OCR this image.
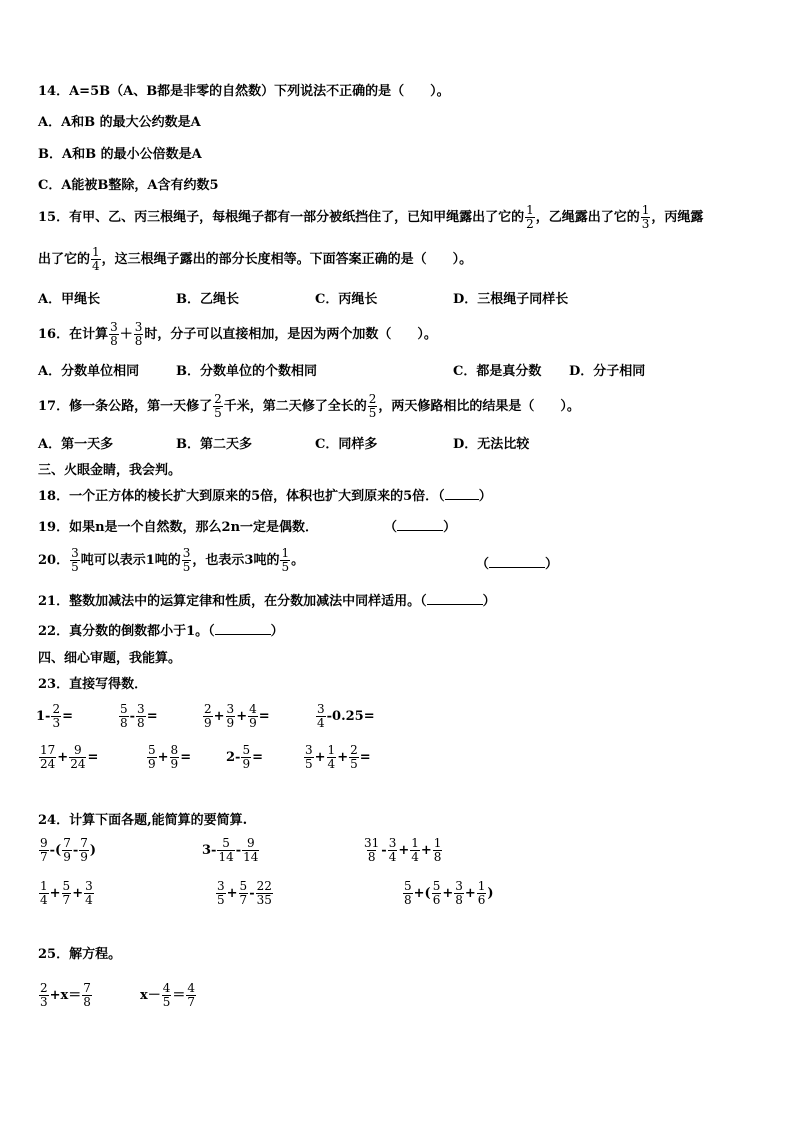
14．A=5B（A、B都是非零的自然数）下列说法不正确的是（　　）。
A．A和B 的最大公约数是A
B．A和B 的最小公倍数是A
C．A能被B整除，A含有约数5
15．有甲、乙、丙三根绳子，每根绳子都有一部分被纸挡住了，已知甲绳露出了它的 $\frac{1}{2}$ ，乙绳露出了它的 $\frac{1}{3}$ ，丙绳露
出了它的 $\frac{1}{4}$ ，这三根绳子露出的部分长度相等。下面答案正确的是（　　）。
A．甲绳长	B．乙绳长	C．丙绳长	D．三根绳子同样长
16．在计算 $\frac{3}{8} + \frac{3}{8}$ 时，分子可以直接相加，是因为两个加数（　　）。
A．分数单位相同	B．分数单位的个数相同	C．都是真分数 D．分子相同
17．修一条公路，第一天修了 $\frac{2}{5}$ 千米，第二天修了全长的 $\frac{2}{5}$ ，两天修路相比的结果是（　　）。
A．第一天多	B．第二天多	C．同样多	D．无法比较
三、火眼金睛，我会判。
18．一个正方体的棱长扩大到原来的5倍，体积也扩大到原来的5倍．（	）
19．如果n是一个自然数，那么2n一定是偶数．	（	）
20． $\frac{3}{5}$ 吨可以表示1吨的 $\frac{3}{5}$ ，也表示3吨的 $\frac{1}{5}$ 。	（	）
21．整数加减法中的运算定律和性质，在分数加减法中同样适用。（	）
22．真分数的倒数都小于1。（	）
四、细心审题，我能算。
23．直接写得数．
$1- \frac{2}{3}$ =	$\frac{5}{8} - \frac{3}{8}$ =	$\frac{2}{9} + \frac{3}{9} + \frac{4}{9}$ =	$\frac{3}{4} -0.25=$
$\frac{17}{24} + \frac{9}{24}$ =	$\frac{5}{9} + \frac{8}{9}$ =	$2- \frac{5}{9}$ =	$\frac{3}{5} + \frac{1}{4} + \frac{2}{5}$ =
24．计算下面各题,能简算的要简算.
$\frac{9}{7}$ -( $\frac{7}{9} - \frac{7}{9}$ )	$3- \frac{5}{14} - \frac{9}{14}$	$\frac{31}{8} - \frac{3}{4} + \frac{1}{4} + \frac{1}{8}$
$\frac{1}{4} + \frac{5}{7} + \frac{3}{4}$	$\frac{3}{5} + \frac{5}{7} - \frac{22}{35}$	$\frac{5}{8}$ +( $\frac{5}{6} + \frac{3}{8} + \frac{1}{6}$ )
25．解方程。
$\frac{2}{3} +x= \frac{7}{8}$	$x- \frac{4}{5} = \frac{4}{7}$
